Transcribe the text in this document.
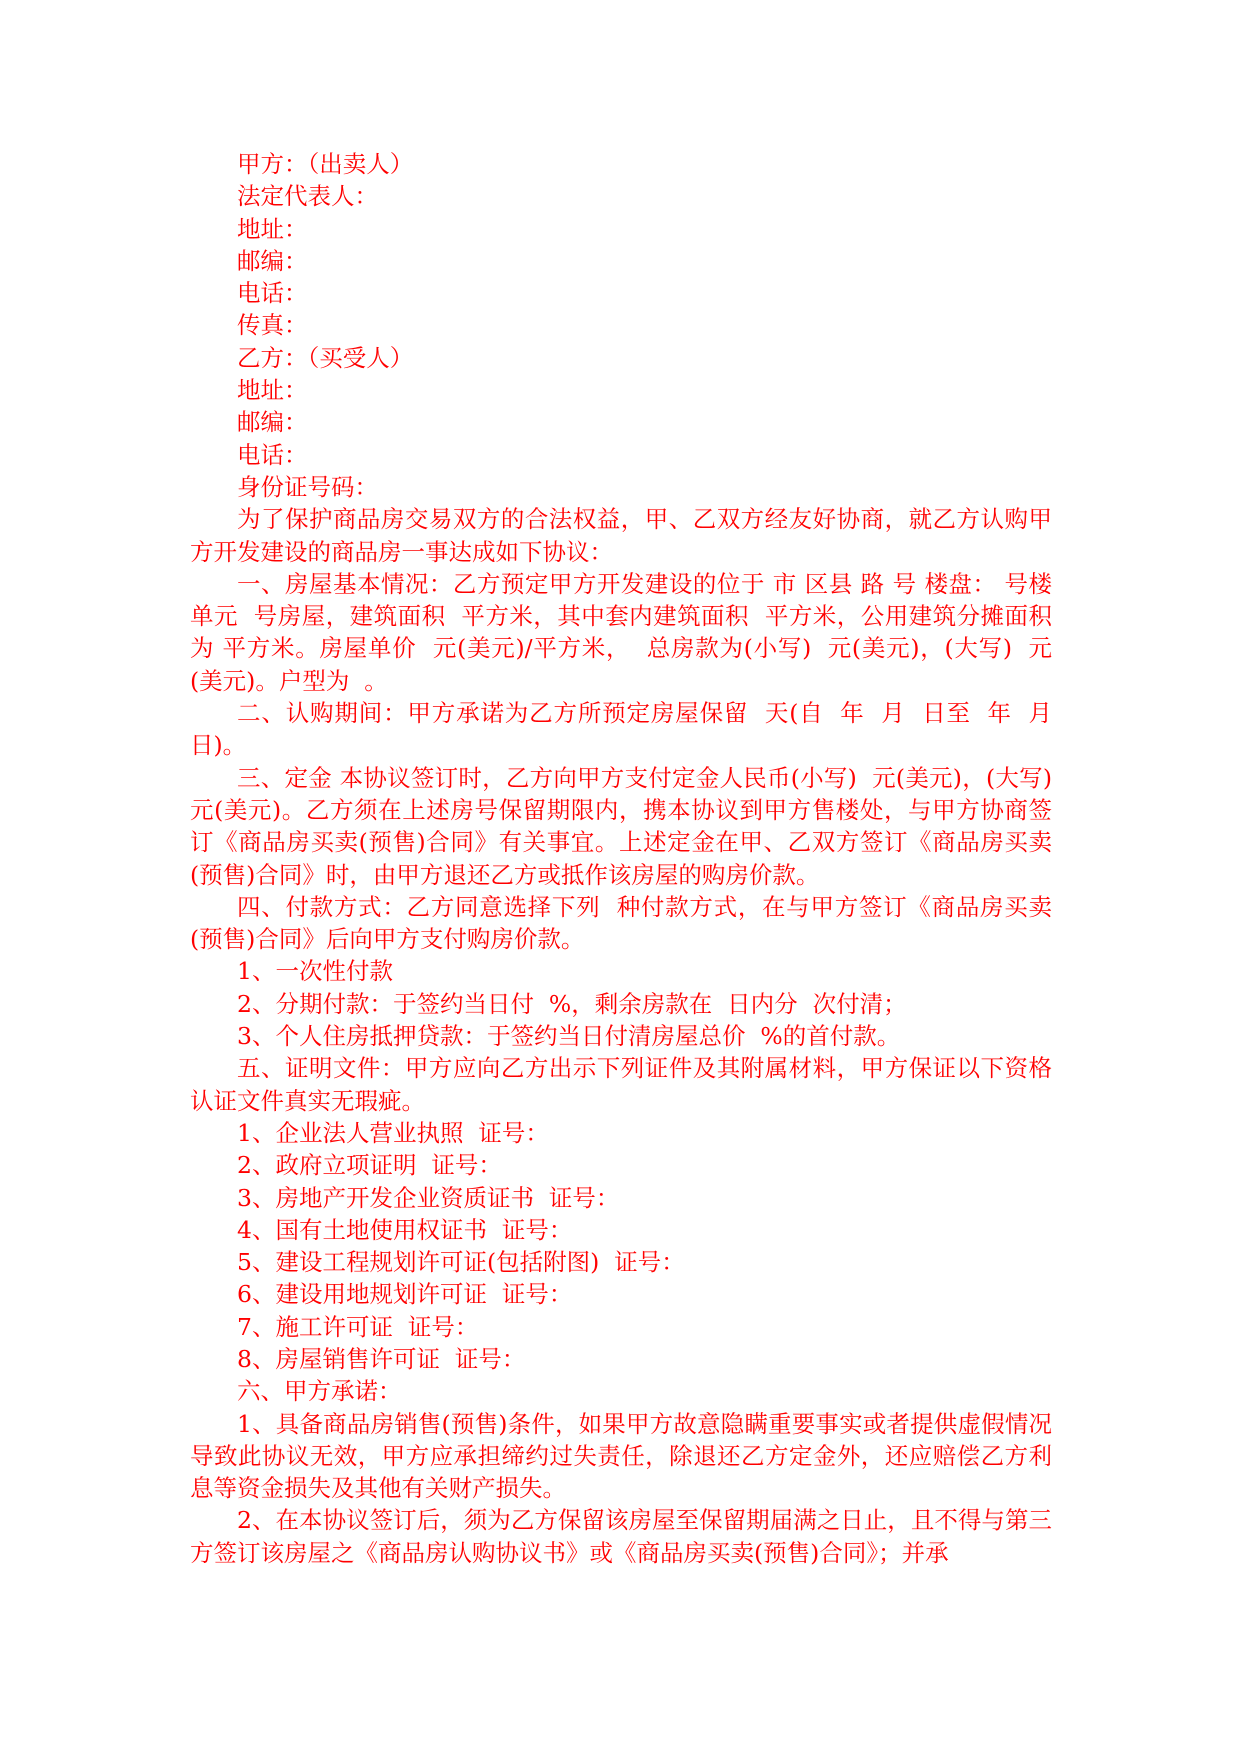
甲方：（出卖人）

法定代表人：

地址：

邮编：

电话：

传真：

乙方：（买受人）

地址：

邮编：

电话：

身份证号码：

为了保护商品房交易双方的合法权益，甲、乙双方经友好协商，就乙方认购甲方开发建设的商品房一事达成如下协议：

一、房屋基本情况：乙方预定甲方开发建设的位于 市 区县 路 号 楼盘： 号楼 单元  号房屋，建筑面积  平方米，其中套内建筑面积  平方米，公用建筑分摊面积为 平方米。房屋单价  元(美元)/平方米，  总房款为(小写)  元(美元)，(大写)  元(美元)。户型为  。

二、认购期间：甲方承诺为乙方所预定房屋保留  天(自  年  月  日至  年  月  日)。

三、定金 本协议签订时，乙方向甲方支付定金人民币(小写)  元(美元)，(大写)  元(美元)。乙方须在上述房号保留期限内，携本协议到甲方售楼处，与甲方协商签订《商品房买卖(预售)合同》有关事宜。上述定金在甲、乙双方签订《商品房买卖(预售)合同》时，由甲方退还乙方或抵作该房屋的购房价款。

四、付款方式：乙方同意选择下列  种付款方式，在与甲方签订《商品房买卖(预售)合同》后向甲方支付购房价款。

1、一次性付款

2、分期付款：于签约当日付  %，剩余房款在  日内分  次付清；

3、个人住房抵押贷款：于签约当日付清房屋总价  %的首付款。

五、证明文件：甲方应向乙方出示下列证件及其附属材料，甲方保证以下资格认证文件真实无瑕疵。

1、企业法人营业执照  证号：

2、政府立项证明  证号：

3、房地产开发企业资质证书  证号：

4、国有土地使用权证书  证号：

5、建设工程规划许可证(包括附图)  证号：

6、建设用地规划许可证  证号：

7、施工许可证  证号：

8、房屋销售许可证  证号：

六、甲方承诺：

1、具备商品房销售(预售)条件，如果甲方故意隐瞒重要事实或者提供虚假情况导致此协议无效，甲方应承担缔约过失责任，除退还乙方定金外，还应赔偿乙方利息等资金损失及其他有关财产损失。

2、在本协议签订后，须为乙方保留该房屋至保留期届满之日止，且不得与第三方签订该房屋之《商品房认购协议书》或《商品房买卖(预售)合同》；并承
